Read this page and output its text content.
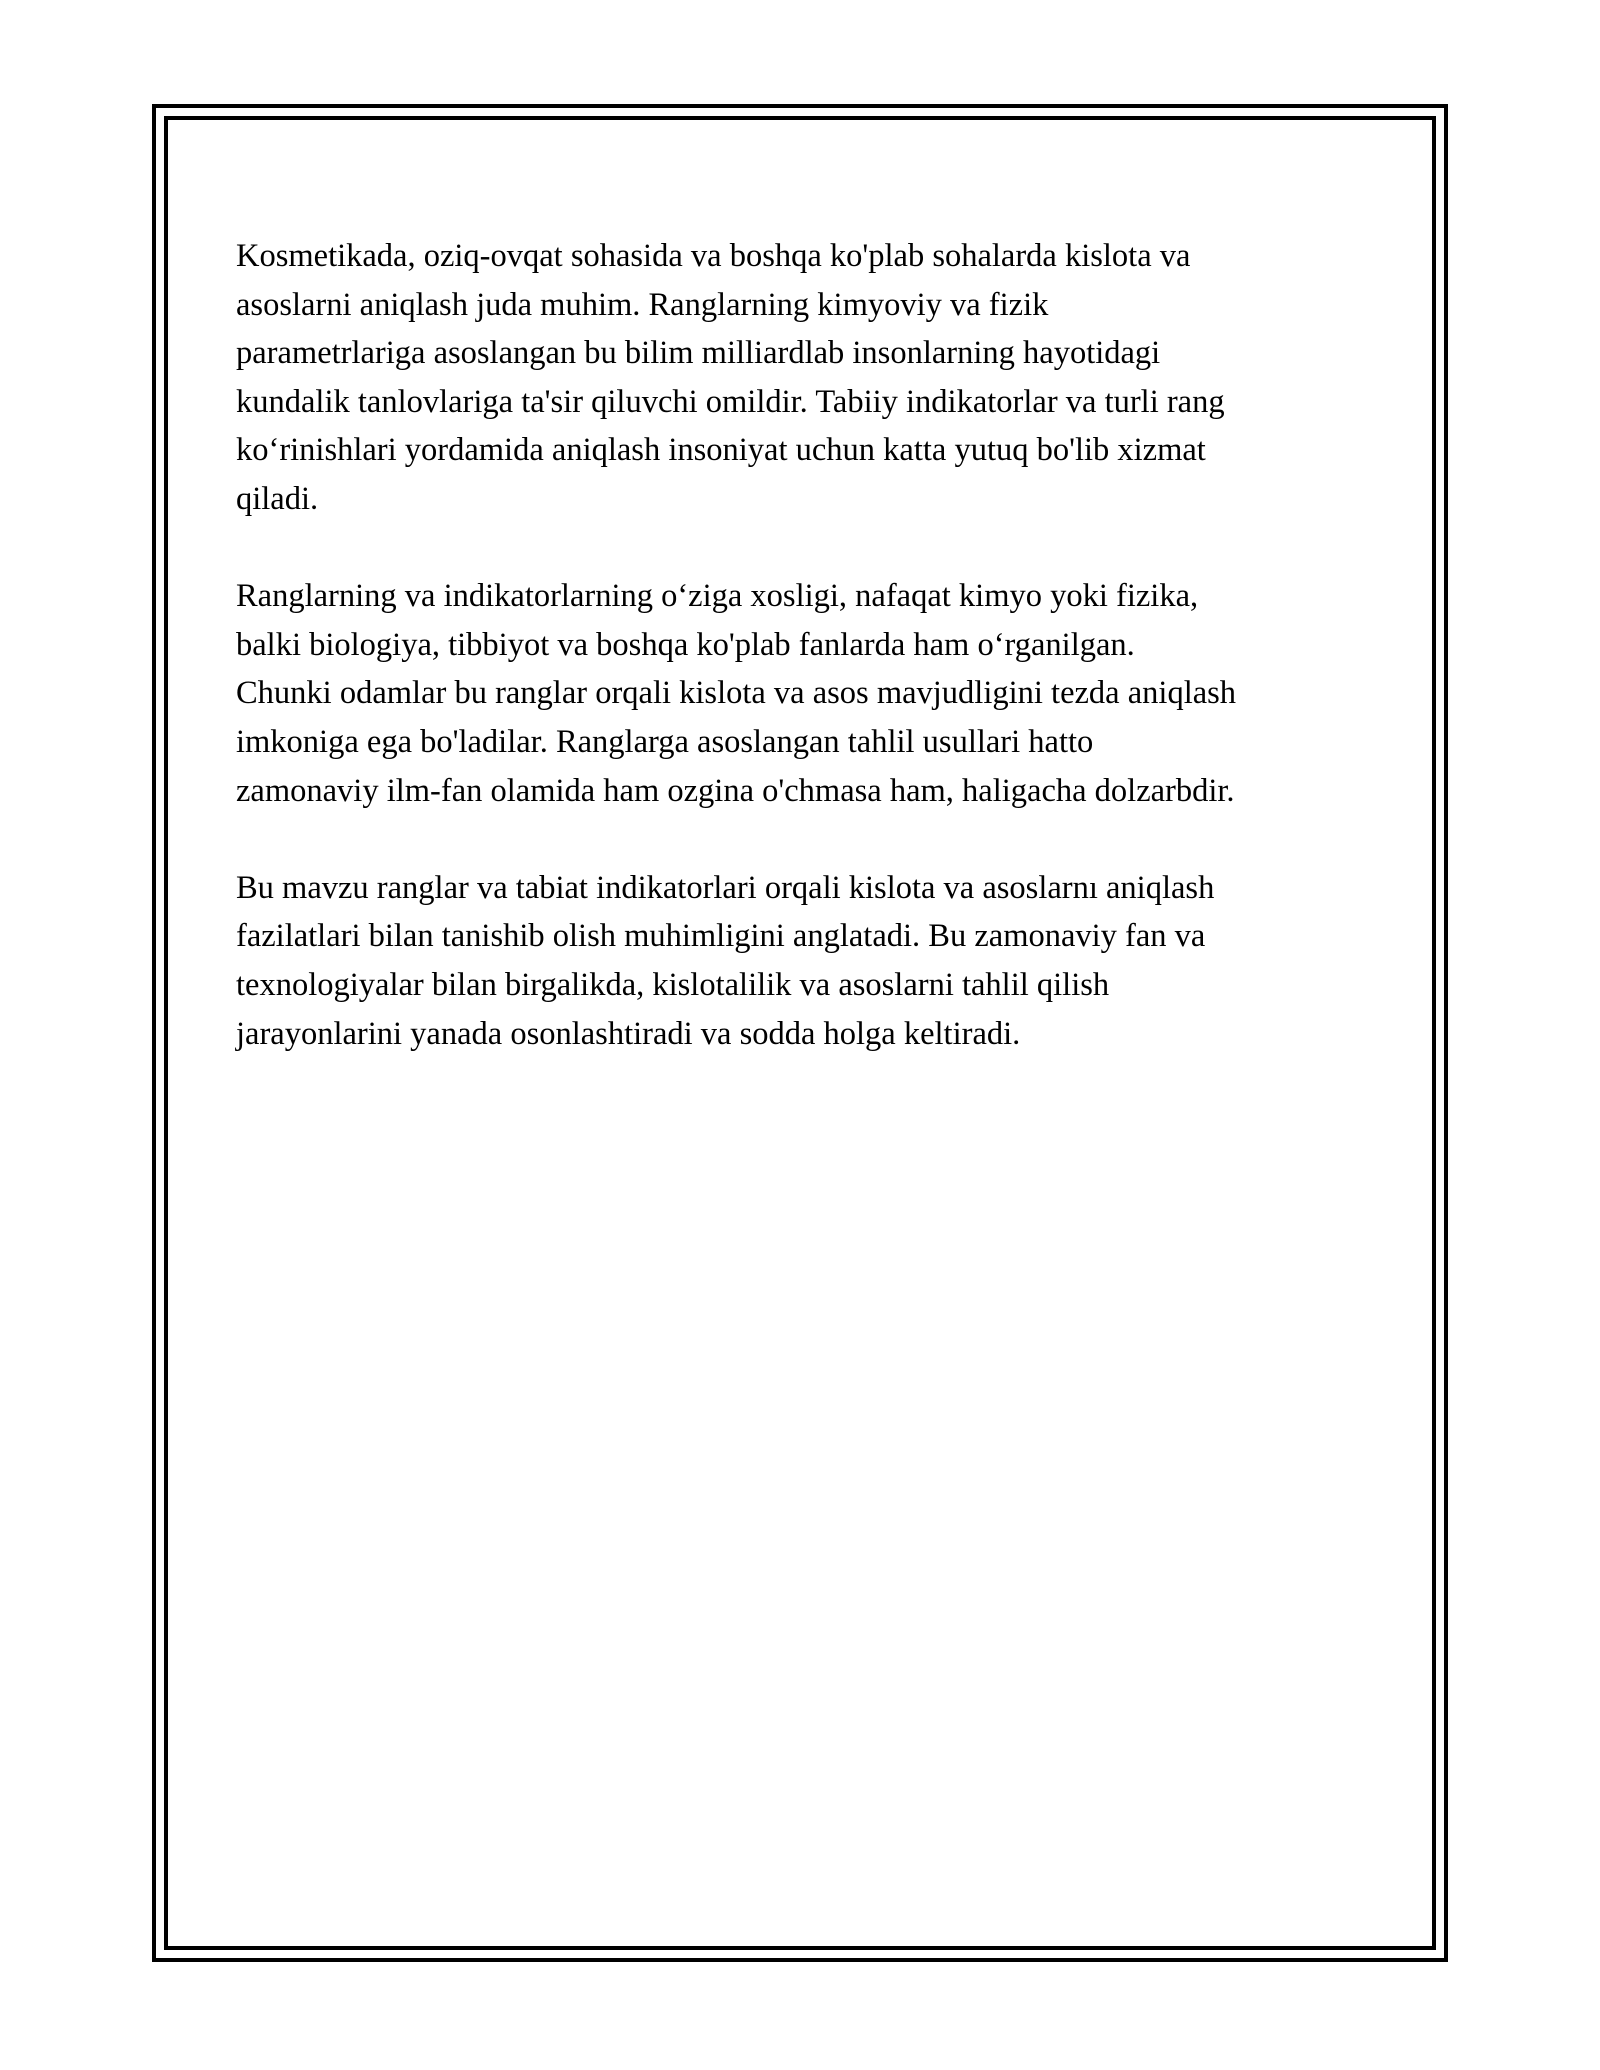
Kosmetikada, oziq-ovqat sohasida va boshqa ko'plab sohalarda kislota va
asoslarni aniqlash juda muhim. Ranglarning kimyoviy va fizik
parametrlariga asoslangan bu bilim milliardlab insonlarning hayotidagi
kundalik tanlovlariga ta'sir qiluvchi omildir. Tabiiy indikatorlar va turli rang
koʻrinishlari yordamida aniqlash insoniyat uchun katta yutuq bo'lib xizmat
qiladi.

Ranglarning va indikatorlarning oʻziga xosligi, nafaqat kimyo yoki fizika,
balki biologiya, tibbiyot va boshqa ko'plab fanlarda ham oʻrganilgan.
Chunki odamlar bu ranglar orqali kislota va asos mavjudligini tezda aniqlash
imkoniga ega bo'ladilar. Ranglarga asoslangan tahlil usullari hatto
zamonaviy ilm-fan olamida ham ozgina o'chmasa ham, haligacha dolzarbdir.

Bu mavzu ranglar va tabiat indikatorlari orqali kislota va asoslarnı aniqlash
fazilatlari bilan tanishib olish muhimligini anglatadi. Bu zamonaviy fan va
texnologiyalar bilan birgalikda, kislotalilik va asoslarni tahlil qilish
jarayonlarini yanada osonlashtiradi va sodda holga keltiradi.
